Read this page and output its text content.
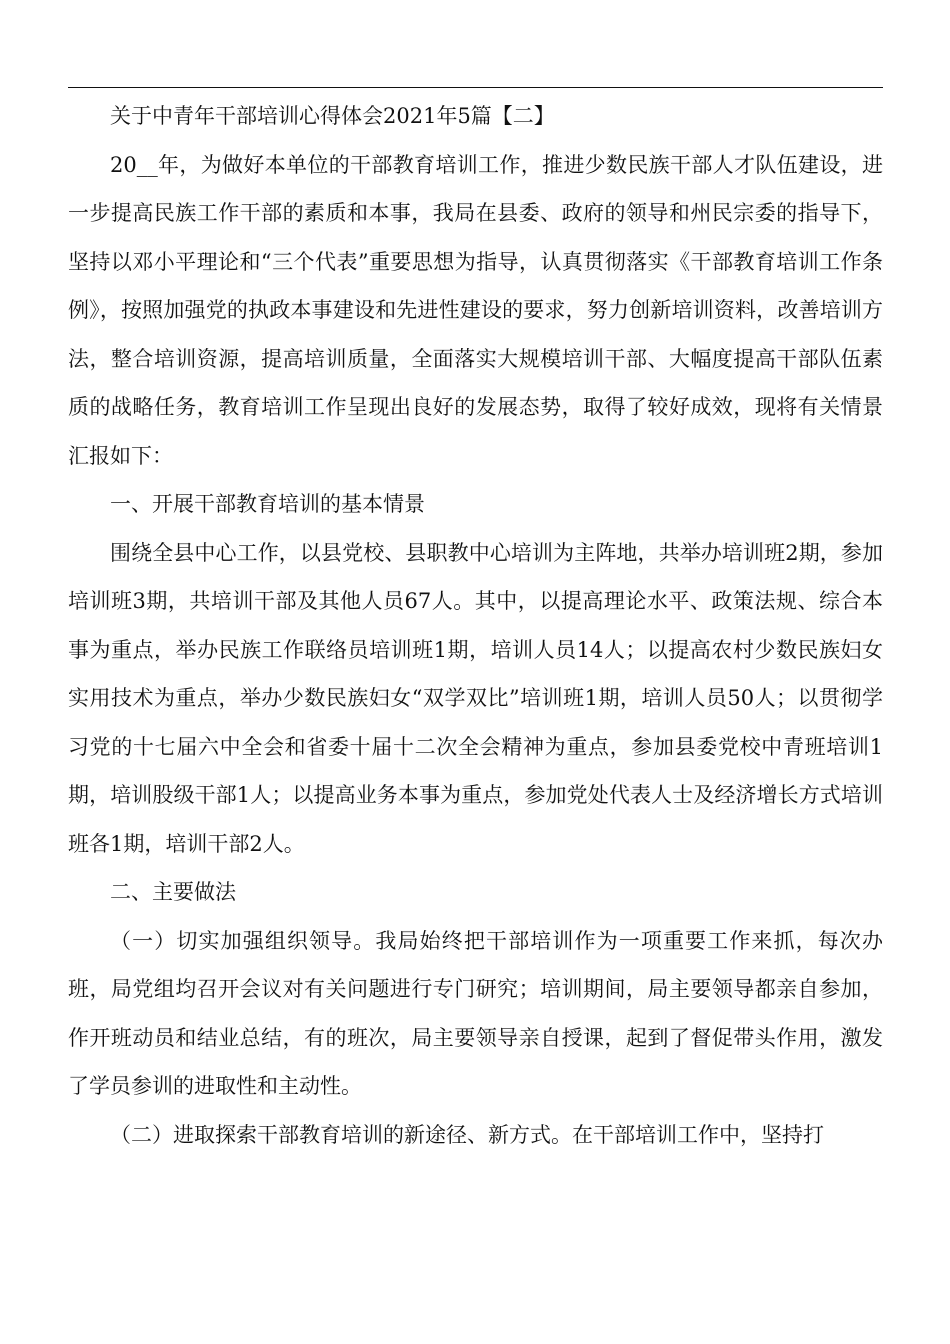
关于中青年干部培训心得体会2021年5篇【二】

20__年，为做好本单位的干部教育培训工作，推进少数民族干部人才队伍建设，进一步提高民族工作干部的素质和本事，我局在县委、政府的领导和州民宗委的指导下，坚持以邓小平理论和“三个代表”重要思想为指导，认真贯彻落实《干部教育培训工作条例》，按照加强党的执政本事建设和先进性建设的要求，努力创新培训资料，改善培训方法，整合培训资源，提高培训质量，全面落实大规模培训干部、大幅度提高干部队伍素质的战略任务，教育培训工作呈现出良好的发展态势，取得了较好成效，现将有关情景汇报如下：

一、开展干部教育培训的基本情景

围绕全县中心工作，以县党校、县职教中心培训为主阵地，共举办培训班2期，参加培训班3期，共培训干部及其他人员67人。其中，以提高理论水平、政策法规、综合本事为重点，举办民族工作联络员培训班1期，培训人员14人；以提高农村少数民族妇女实用技术为重点，举办少数民族妇女“双学双比”培训班1期，培训人员50人；以贯彻学习党的十七届六中全会和省委十届十二次全会精神为重点，参加县委党校中青班培训1期，培训股级干部1人；以提高业务本事为重点，参加党处代表人士及经济增长方式培训班各1期，培训干部2人。

二、主要做法

（一）切实加强组织领导。我局始终把干部培训作为一项重要工作来抓，每次办班，局党组均召开会议对有关问题进行专门研究；培训期间，局主要领导都亲自参加，作开班动员和结业总结，有的班次，局主要领导亲自授课，起到了督促带头作用，激发了学员参训的进取性和主动性。

（二）进取探索干部教育培训的新途径、新方式。在干部培训工作中，坚持打
